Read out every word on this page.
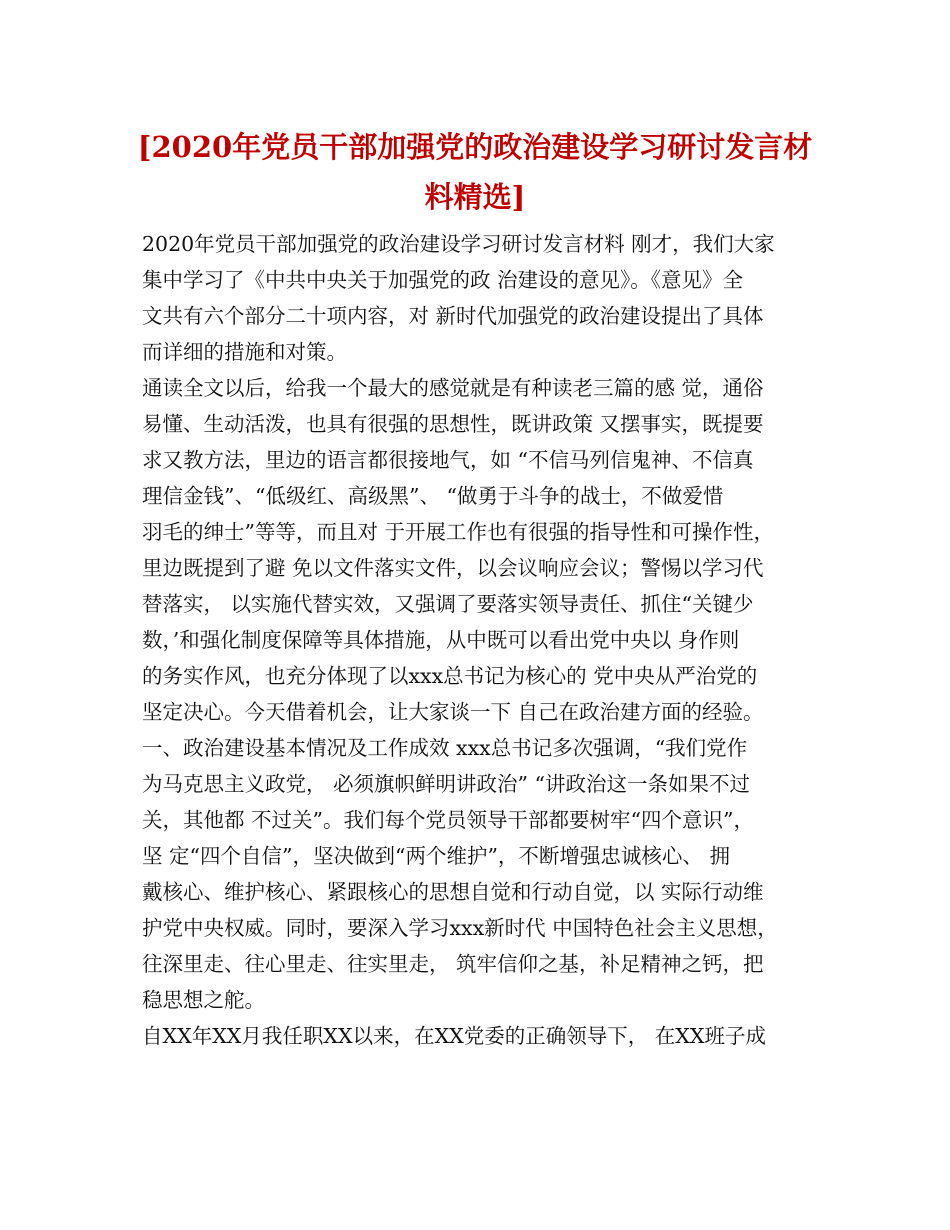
[2020年党员干部加强党的政治建设学习研讨发言材
料精选]
2020年党员干部加强党的政治建设学习研讨发言材料 刚才，我们大家
集中学习了《中共中央关于加强党的政 治建设的意见》。《意见》全
文共有六个部分二十项内容，对 新时代加强党的政治建设提出了具体
而详细的措施和对策。
通读全文以后，给我一个最大的感觉就是有种读老三篇的感 觉，通俗
易懂、生动活泼，也具有很强的思想性，既讲政策 又摆事实，既提要
求又教方法，里边的语言都很接地气，如 “不信马列信鬼神、不信真
理信金钱”、“低级红、高级黑”、 “做勇于斗争的战士，不做爱惜
羽毛的绅士”等等，而且对 于开展工作也有很强的指导性和可操作性，
里边既提到了避 免以文件落实文件，以会议响应会议；警惕以学习代
替落实， 以实施代替实效，又强调了要落实领导责任、抓住“关键少
数，’和强化制度保障等具体措施，从中既可以看出党中央以 身作则
的务实作风，也充分体现了以xxx总书记为核心的 党中央从严治党的
坚定决心。今天借着机会，让大家谈一下 自己在政治建方面的经验。
一、政治建设基本情况及工作成效 xxx总书记多次强调，“我们党作
为马克思主义政党， 必须旗帜鲜明讲政治” “讲政治这一条如果不过
关，其他都 不过关”。我们每个党员领导干部都要树牢“四个意识”，
坚 定“四个自信”，坚决做到“两个维护”，不断增强忠诚核心、 拥
戴核心、维护核心、紧跟核心的思想自觉和行动自觉，以 实际行动维
护党中央权威。同时，要深入学习xxx新时代 中国特色社会主义思想，
往深里走、往心里走、往实里走， 筑牢信仰之基，补足精神之钙，把
稳思想之舵。
自XX年XX月我任职XX以来，在XX党委的正确领导下， 在XX班子成
